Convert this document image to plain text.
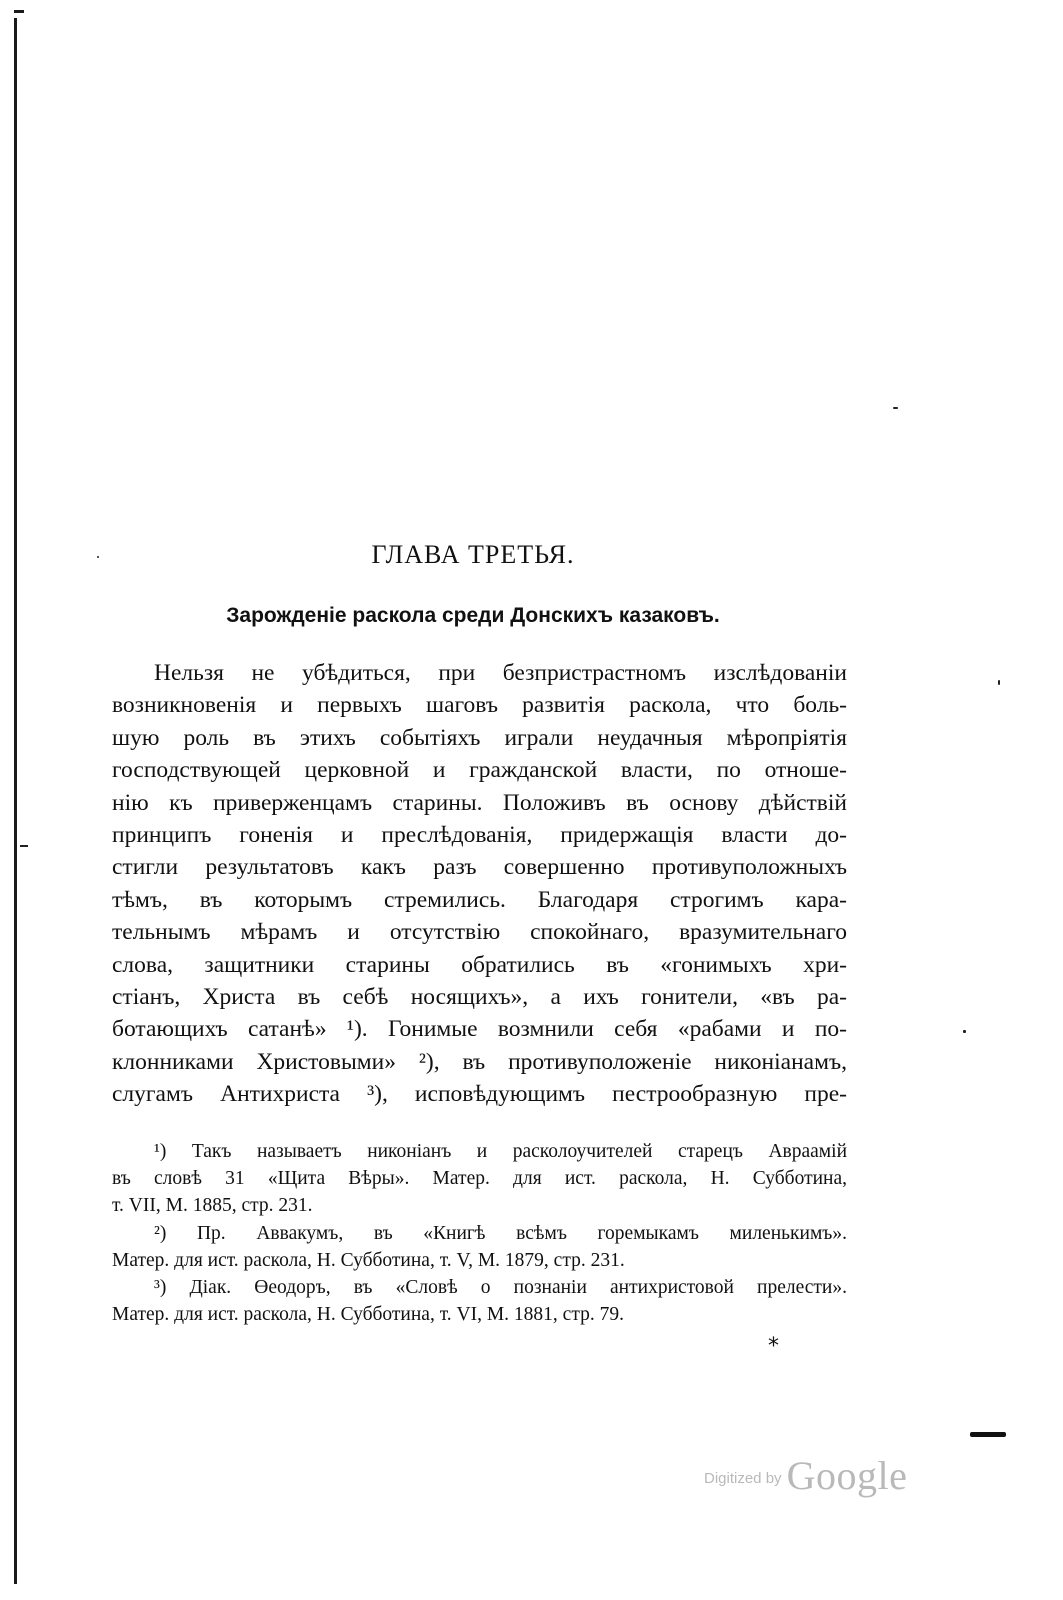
ГЛАВА ТРЕТЬЯ.
Зарожденіе раскола среди Донскихъ казаковъ.
Нельзя не убѣдиться, при безпристрастномъ изслѣдованіи
возникновенія и первыхъ шаговъ развитія раскола, что боль-
шую роль въ этихъ событіяхъ играли неудачныя мѣропріятія
господствующей церковной и гражданской власти, по отноше-
нію къ приверженцамъ старины. Положивъ въ основу дѣйствій
принципъ гоненія и преслѣдованія, придержащія власти до-
стигли результатовъ какъ разъ совершенно противуположныхъ
тѣмъ, въ которымъ стремились. Благодаря строгимъ кара-
тельнымъ мѣрамъ и отсутствію спокойнаго, вразумительнаго
слова, защитники старины обратились въ «гонимыхъ хри-
стіанъ, Христа въ себѣ носящихъ», а ихъ гонители, «въ ра-
ботающихъ сатанѣ» ¹). Гонимые возмнили себя «рабами и по-
клонниками Христовыми» ²), въ противуположеніе никоніанамъ,
слугамъ Антихриста ³), исповѣдующимъ пестрообразную пре-
¹) Такъ называетъ никоніанъ и расколоучителей старецъ Авраамій
въ словѣ 31 «Щита Вѣры». Матер. для ист. раскола, Н. Субботина,
т. VII, М. 1885, стр. 231.
²) Пр. Аввакумъ, въ «Книгѣ всѣмъ горемыкамъ миленькимъ».
Матер. для ист. раскола, Н. Субботина, т. V, М. 1879, стр. 231.
³) Діак. Өеодоръ, въ «Словѣ о познаніи антихристовой прелести».
Матер. для ист. раскола, Н. Субботина, т. VI, М. 1881, стр. 79.
*
Digitized by Google
